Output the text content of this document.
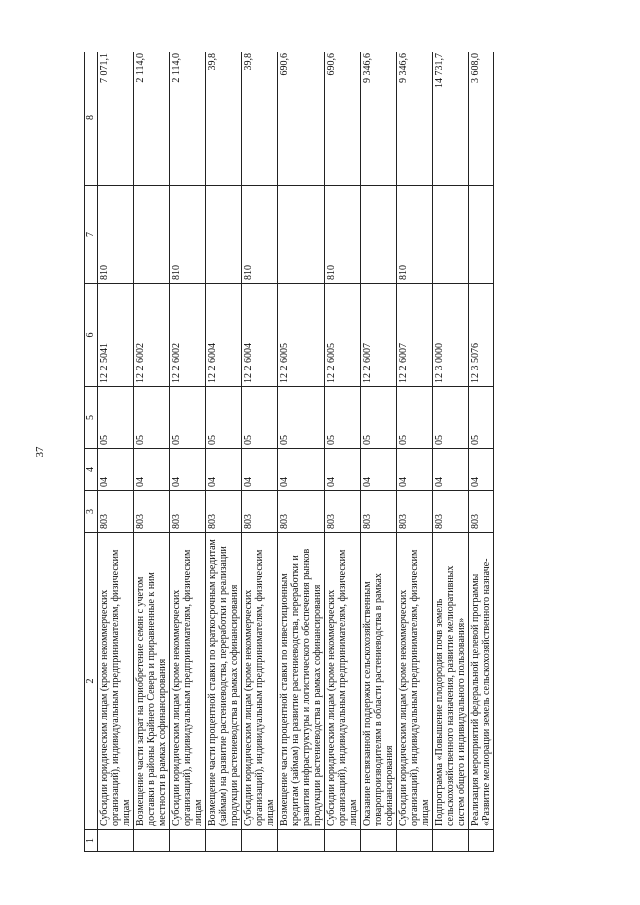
37
1	2	3	4	5	6	7	8
	Субсидии юридическим лицам (кроме некоммерческих организаций), индивидуальным предпринимателям, физическим лицам	803	04	05	12 2 5041	810	7 071,1
	Возмещение части затрат на приобретение семян с учетом доставки в районы Крайнего Севера и приравненные к ним местности в рамках софинансирования	803	04	05	12 2 6002		2 114,0
	Субсидии юридическим лицам (кроме некоммерческих организаций), индивидуальным предпринимателям, физическим лицам	803	04	05	12 2 6002	810	2 114,0
	Возмещение части процентной ставки по краткосрочным кредитам (займам) на развитие растениеводства, переработки и реализации продукции растениеводства в рамках софинансирования	803	04	05	12 2 6004		39,8
	Субсидии юридическим лицам (кроме некоммерческих организаций), индивидуальным предпринимателям, физическим лицам	803	04	05	12 2 6004	810	39,8
	Возмещение части процентной ставки по инвестиционным кредитам (займам) на развитие растениеводства, переработки и развития инфраструктуры и логистического обеспечения рынков продукции растениеводства в рамках софинансирования	803	04	05	12 2 6005		690,6
	Субсидии юридическим лицам (кроме некоммерческих организаций), индивидуальным предпринимателям, физическим лицам	803	04	05	12 2 6005	810	690,6
	Оказание несвязанной поддержки сельскохозяйственным товаропроизводителям в области растениеводства в рамках софинансирования	803	04	05	12 2 6007		9 346,6
	Субсидии юридическим лицам (кроме некоммерческих организаций), индивидуальным предпринимателям, физическим лицам	803	04	05	12 2 6007	810	9 346,6
	Подпрограмма «Повышение плодородия почв земель сельскохозяйственного назначения, развитие мелиоративных систем общего и индивидуального пользования»	803	04	05	12 3 0000		14 731,7
	Реализация мероприятий федеральной целевой программы «Развитие мелиорации земель сельскохозяйственного назначе-	803	04	05	12 3 5076		3 608,0
